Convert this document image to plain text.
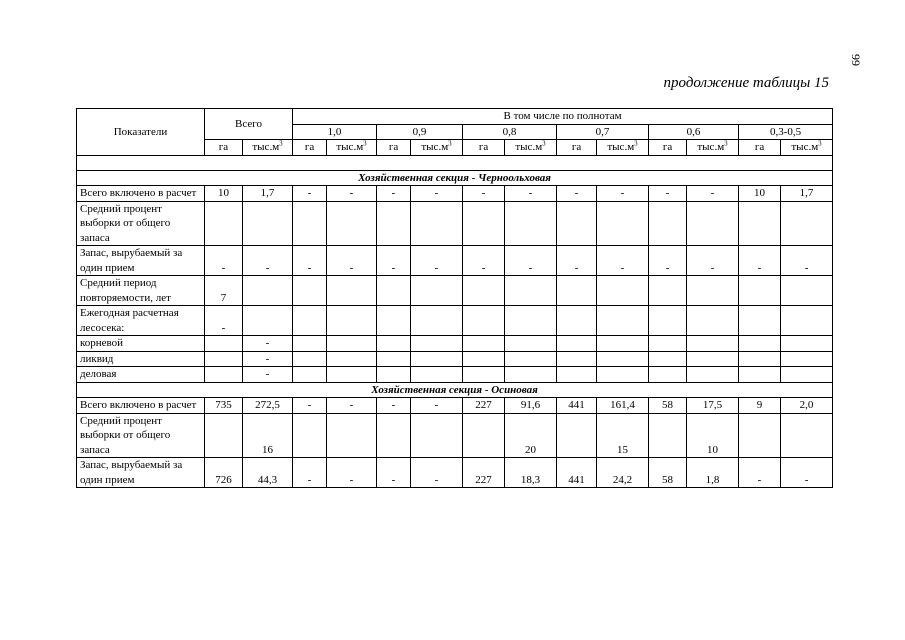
99
продолжение таблицы 15
Показатели	Всего		В том числе по полнотам											
			1,0		0,9		0,8		0,7		0,6		0,3-0,5	
	га	$тыс.м^3$	га	$тыс.м^3$	га	$тыс.м^3$	га	$тыс.м^3$	га	$тыс.м^3$	га	$тыс.м^3$	га	$тыс.м^3$

Хозяйственная секция - Черноольховая														
Всего включено в расчет	10	1,7	-	-	-	-	-	-	-	-	-	-	10	1,7
Средний процент выборки от общего запаса														
Запас, вырубаемый за один прием	-	-	-	-	-	-	-	-	-	-	-	-	-	-
Средний период повторяемости, лет	7													
Ежегодная расчетная лесосека:	-													
корневой		-												
ликвид		-												
деловая		-												
Хозяйственная секция - Осиновая														
Всего включено в расчет	735	272,5	-	-	-	-	227	91,6	441	161,4	58	17,5	9	2,0
Средний процент выборки от общего запаса		16						20		15		10		
Запас, вырубаемый за один прием	726	44,3	-	-	-	-	227	18,3	441	24,2	58	1,8	-	-
